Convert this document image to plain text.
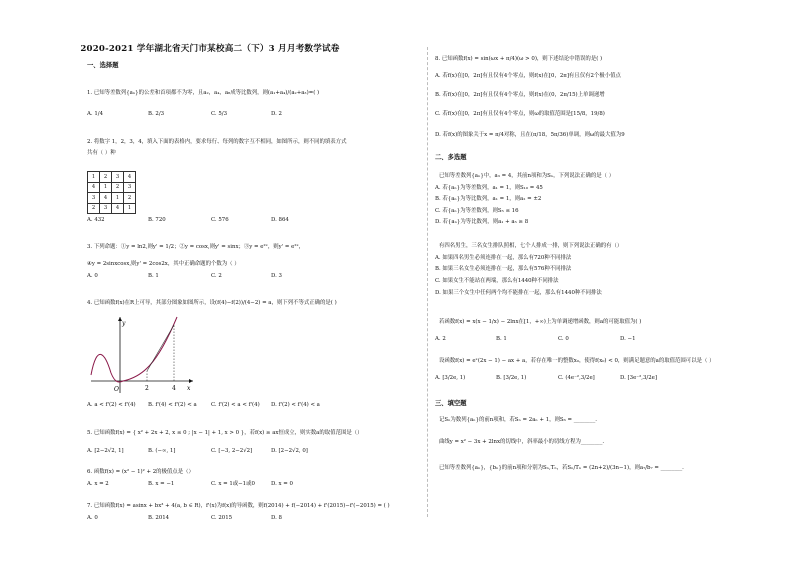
2020-2021 学年湖北省天门市某校高二（下）3 月月考数学试卷
一、选择题
1. 已知等差数列{aₙ}的公差和首项都不为零，且a₂，a₄，a₈成等比数列，则(a₁+a₄)/(a₂+a₃)=( )
A. 1/4	B. 2/3	C. 5/3	D. 2
2. 将数字 1，2，3，4，填入下面的表格内，要求每行、每列的数字互不相同，如图所示，则不同的填表方式
共有（ ）种
1	2	3	4
4	1	2	3
3	4	1	2
2	3	4	1
A. 432	B. 720	C. 576	D. 864
3. 下列命题：①y = ln2,则y' = 1/2；②y = cosx,则y' = sinx；③y = e²ˣ，则y' = e²ˣ，
④y = 2sinxcosx,则y' = 2cos2x，其中正确命题的个数为（ ）
A. 0	B. 1	C. 2	D. 3
4. 已知函数f(x)在R上可导，其部分图象如图所示，设(f(4)−f(2))/(4−2) = a，则下列不等式正确的是( )
y
x
O	2	4
A. a < f'(2) < f'(4) B. f'(4) < f'(2) < a	C. f'(2) < a < f'(4) D. f'(2) < f'(4) < a
5. 已知函数f(x) = { x² + 2x + 2, x ≤ 0 ; |x − 1| + 1, x > 0 }，若f(x) ≥ ax恒成立，则实数a的取值范围是（）
A. [2−2√2, 1]	B. (−∞, 1]	C. [−3, 2−2√2]	D. [2−2√2, 0]
6. 函数f(x) = (x² − 1)² + 2的极值点是（）
A. x = 2	B. x = −1	C. x = 1或−1或0	D. x = 0
7. 已知函数f(x) = asinx + bx³ + 4(a, b ∈ R)，f'(x)为f(x)的导函数，则f(2014) + f(−2014) + f'(2015)−f'(−2015) = ( )
A. 0	B. 2014	C. 2015	D. 8
8. 已知函数f(x) = sin(ωx + π/4)(ω > 0)，则下述结论中错误的是( )
A. 若f(x)在[0，2π]有且仅有4个零点，则f(x)在[0，2π]有且仅有2个极小值点
B. 若f(x)在[0，2π]有且仅有4个零点，则f(x)在(0，2π/15)上单调递增
C. 若f(x)在[0，2π]有且仅有4个零点，则ω的取值范围是[15/8，19/8)
D. 若f(x)的图象关于x = π/4对称，且在(π/18，5π/36)单调，则ω的最大值为9
二、多选题
已知等差数列{aₙ}中，a₃ = 4，其前n项和为Sₙ，下列说法正确的是（ ）
A. 若{aₙ}为等差数列，a₁ = 1，则S₁₀ = 45
B. 若{aₙ}为等比数列，a₁ = 1，则a₂ = ±2
C. 若{aₙ}为等差数列，则S₅ ≤ 16
D. 若{aₙ}为等比数列，则a₁ + a₅ ≥ 8
有四名男生，三名女生排队照相，七个人排成一排，则下列说法正确的有（）
A. 如果四名男生必须连排在一起，那么有720种不同排法
B. 如果三名女生必须连排在一起，那么有576种不同排法
C. 如果女生不能站在两端，那么有1440种不同排法
D. 如果三个女生中任何两个均不能排在一起，那么有1440种不同排法
若函数f(x) = x(x − 1/x) − 2lnx在[1，+∞)上为单调递增函数，则a的可能取值为( )
A. 2	B. 1	C. 0	D. −1
设函数f(x) = eˣ(2x − 1) − ax + a，若存在唯一的整数x₀，使得f(x₀) < 0，则满足题意的a的取值范围可以是（ ）
A. [3/2e, 1)	B. [3/2e, 1)	C. (4e⁻²,3/2e]	D. [3e⁻²,3/2e]
三、填空题
记Sₙ为数列{aₙ}的前n项和，若Sₙ = 2aₙ + 1，则S₆ = ________.
曲线y = x² − 3x + 2lnx的切线中，斜率最小的切线方程为________.
已知等差数列{aₙ}，{bₙ}的前n项和分别为Sₙ,Tₙ，若Sₙ/Tₙ = (2n+2)/(3n−1)，则a₇/b₇ = ________.
